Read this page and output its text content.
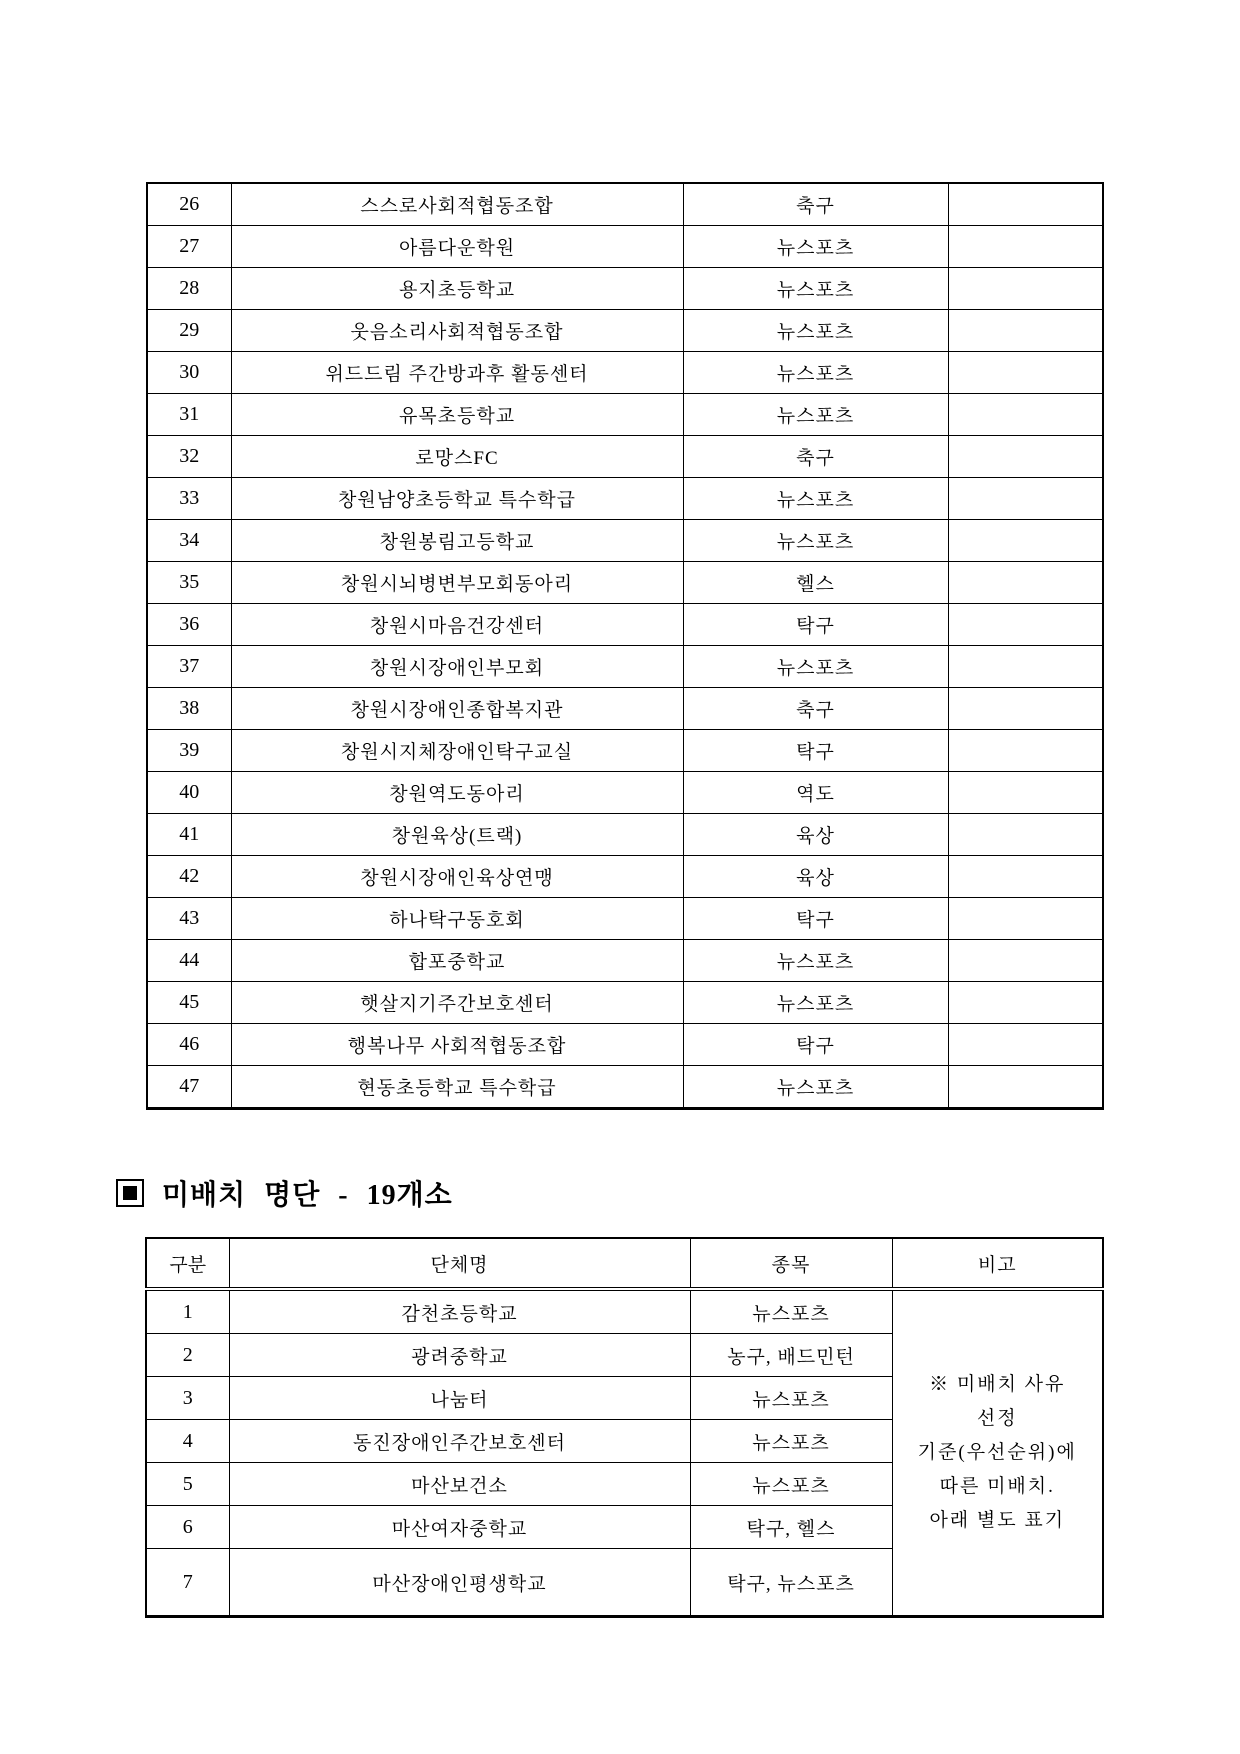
26	스스로사회적협동조합	축구	
27	아름다운학원	뉴스포츠	
28	용지초등학교	뉴스포츠	
29	웃음소리사회적협동조합	뉴스포츠	
30	위드드림 주간방과후 활동센터	뉴스포츠	
31	유목초등학교	뉴스포츠	
32	로망스FC	축구	
33	창원남양초등학교 특수학급	뉴스포츠	
34	창원봉림고등학교	뉴스포츠	
35	창원시뇌병변부모회동아리	헬스	
36	창원시마음건강센터	탁구	
37	창원시장애인부모회	뉴스포츠	
38	창원시장애인종합복지관	축구	
39	창원시지체장애인탁구교실	탁구	
40	창원역도동아리	역도	
41	창원육상(트랙)	육상	
42	창원시장애인육상연맹	육상	
43	하나탁구동호회	탁구	
44	합포중학교	뉴스포츠	
45	햇살지기주간보호센터	뉴스포츠	
46	행복나무 사회적협동조합	탁구	
47	현동초등학교 특수학급	뉴스포츠	
미배치 명단 - 19개소
구분	단체명	종목	비고
1	감천초등학교	뉴스포츠	※ 미배치 사유
선정
기준(우선순위)에
따른 미배치.
아래 별도 표기

2	광려중학교	농구, 배드민턴	
3	나눔터	뉴스포츠	
4	동진장애인주간보호센터	뉴스포츠	
5	마산보건소	뉴스포츠	
6	마산여자중학교	탁구, 헬스	
7	마산장애인평생학교	탁구, 뉴스포츠	
